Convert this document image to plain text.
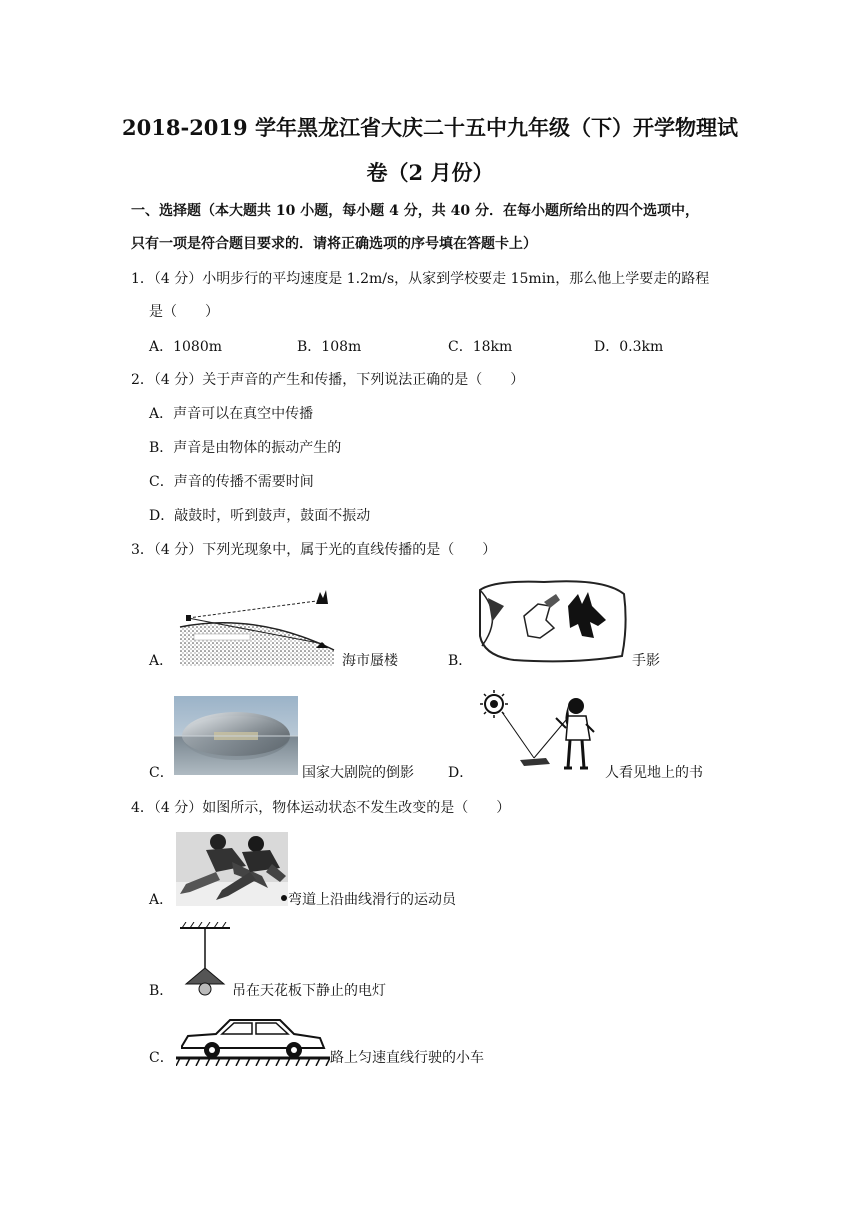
2018-2019 学年黑龙江省大庆二十五中九年级（下）开学物理试
卷（2 月份）
一、选择题（本大题共 10 小题，每小题 4 分，共 40 分．在每小题所给出的四个选项中，
只有一项是符合题目要求的．请将正确选项的序号填在答题卡上）
1．（4 分）小明步行的平均速度是 1.2m/s，从家到学校要走 15min，那么他上学要走的路程
是（　　）
A．1080m	B．108m	C．18km	D．0.3km
2．（4 分）关于声音的产生和传播，下列说法正确的是（　　）
A．声音可以在真空中传播
B．声音是由物体的振动产生的
C．声音的传播不需要时间
D．敲鼓时，听到鼓声，鼓面不振动
3．（4 分）下列光现象中，属于光的直线传播的是（　　）
A．	海市蜃楼	B．	手影
C．	国家大剧院的倒影 D．	人看见地上的书
4．（4 分）如图所示，物体运动状态不发生改变的是（　　）
A．	弯道上沿曲线滑行的运动员
B．	吊在天花板下静止的电灯
C．	路上匀速直线行驶的小车
